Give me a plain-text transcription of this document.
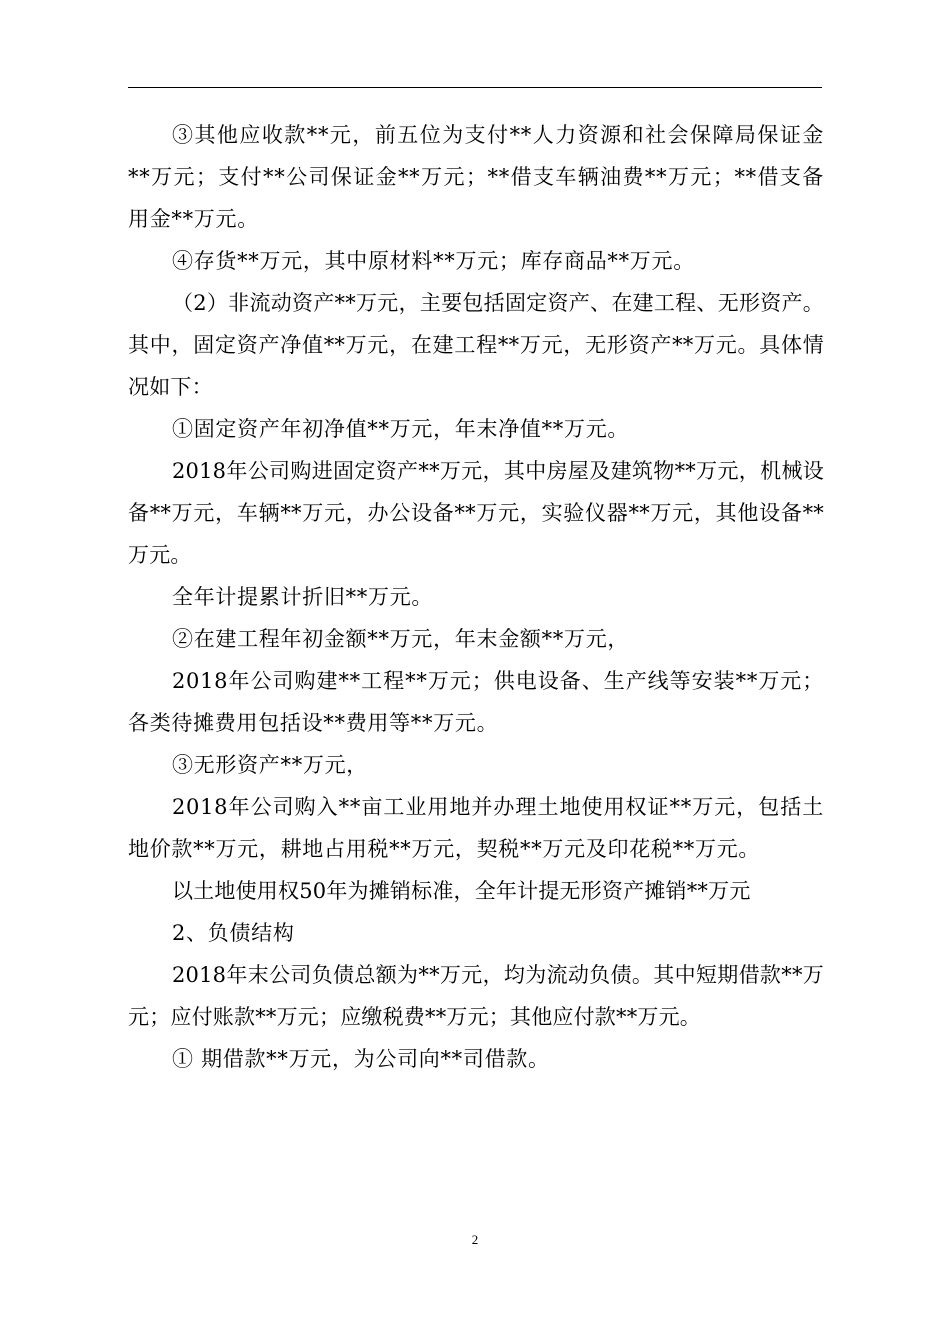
③其他应收款**元，前五位为支付**人力资源和社会保障局保证金**万元；支付**公司保证金**万元；**借支车辆油费**万元；**借支备用金**万元。

④存货**万元，其中原材料**万元；库存商品**万元。

（2）非流动资产**万元，主要包括固定资产、在建工程、无形资产。其中，固定资产净值**万元，在建工程**万元，无形资产**万元。具体情况如下：

①固定资产年初净值**万元，年末净值**万元。

2018年公司购进固定资产**万元，其中房屋及建筑物**万元，机械设备**万元，车辆**万元，办公设备**万元，实验仪器**万元，其他设备**万元。

全年计提累计折旧**万元。

②在建工程年初金额**万元，年末金额**万元，

2018年公司购建**工程**万元；供电设备、生产线等安装**万元；各类待摊费用包括设**费用等**万元。

③无形资产**万元，

2018年公司购入**亩工业用地并办理土地使用权证**万元，包括土地价款**万元，耕地占用税**万元，契税**万元及印花税**万元。

以土地使用权50年为摊销标准，全年计提无形资产摊销**万元

2、负债结构

2018年末公司负债总额为**万元，均为流动负债。其中短期借款**万元；应付账款**万元；应缴税费**万元；其他应付款**万元。

① 期借款**万元，为公司向**司借款。

2
